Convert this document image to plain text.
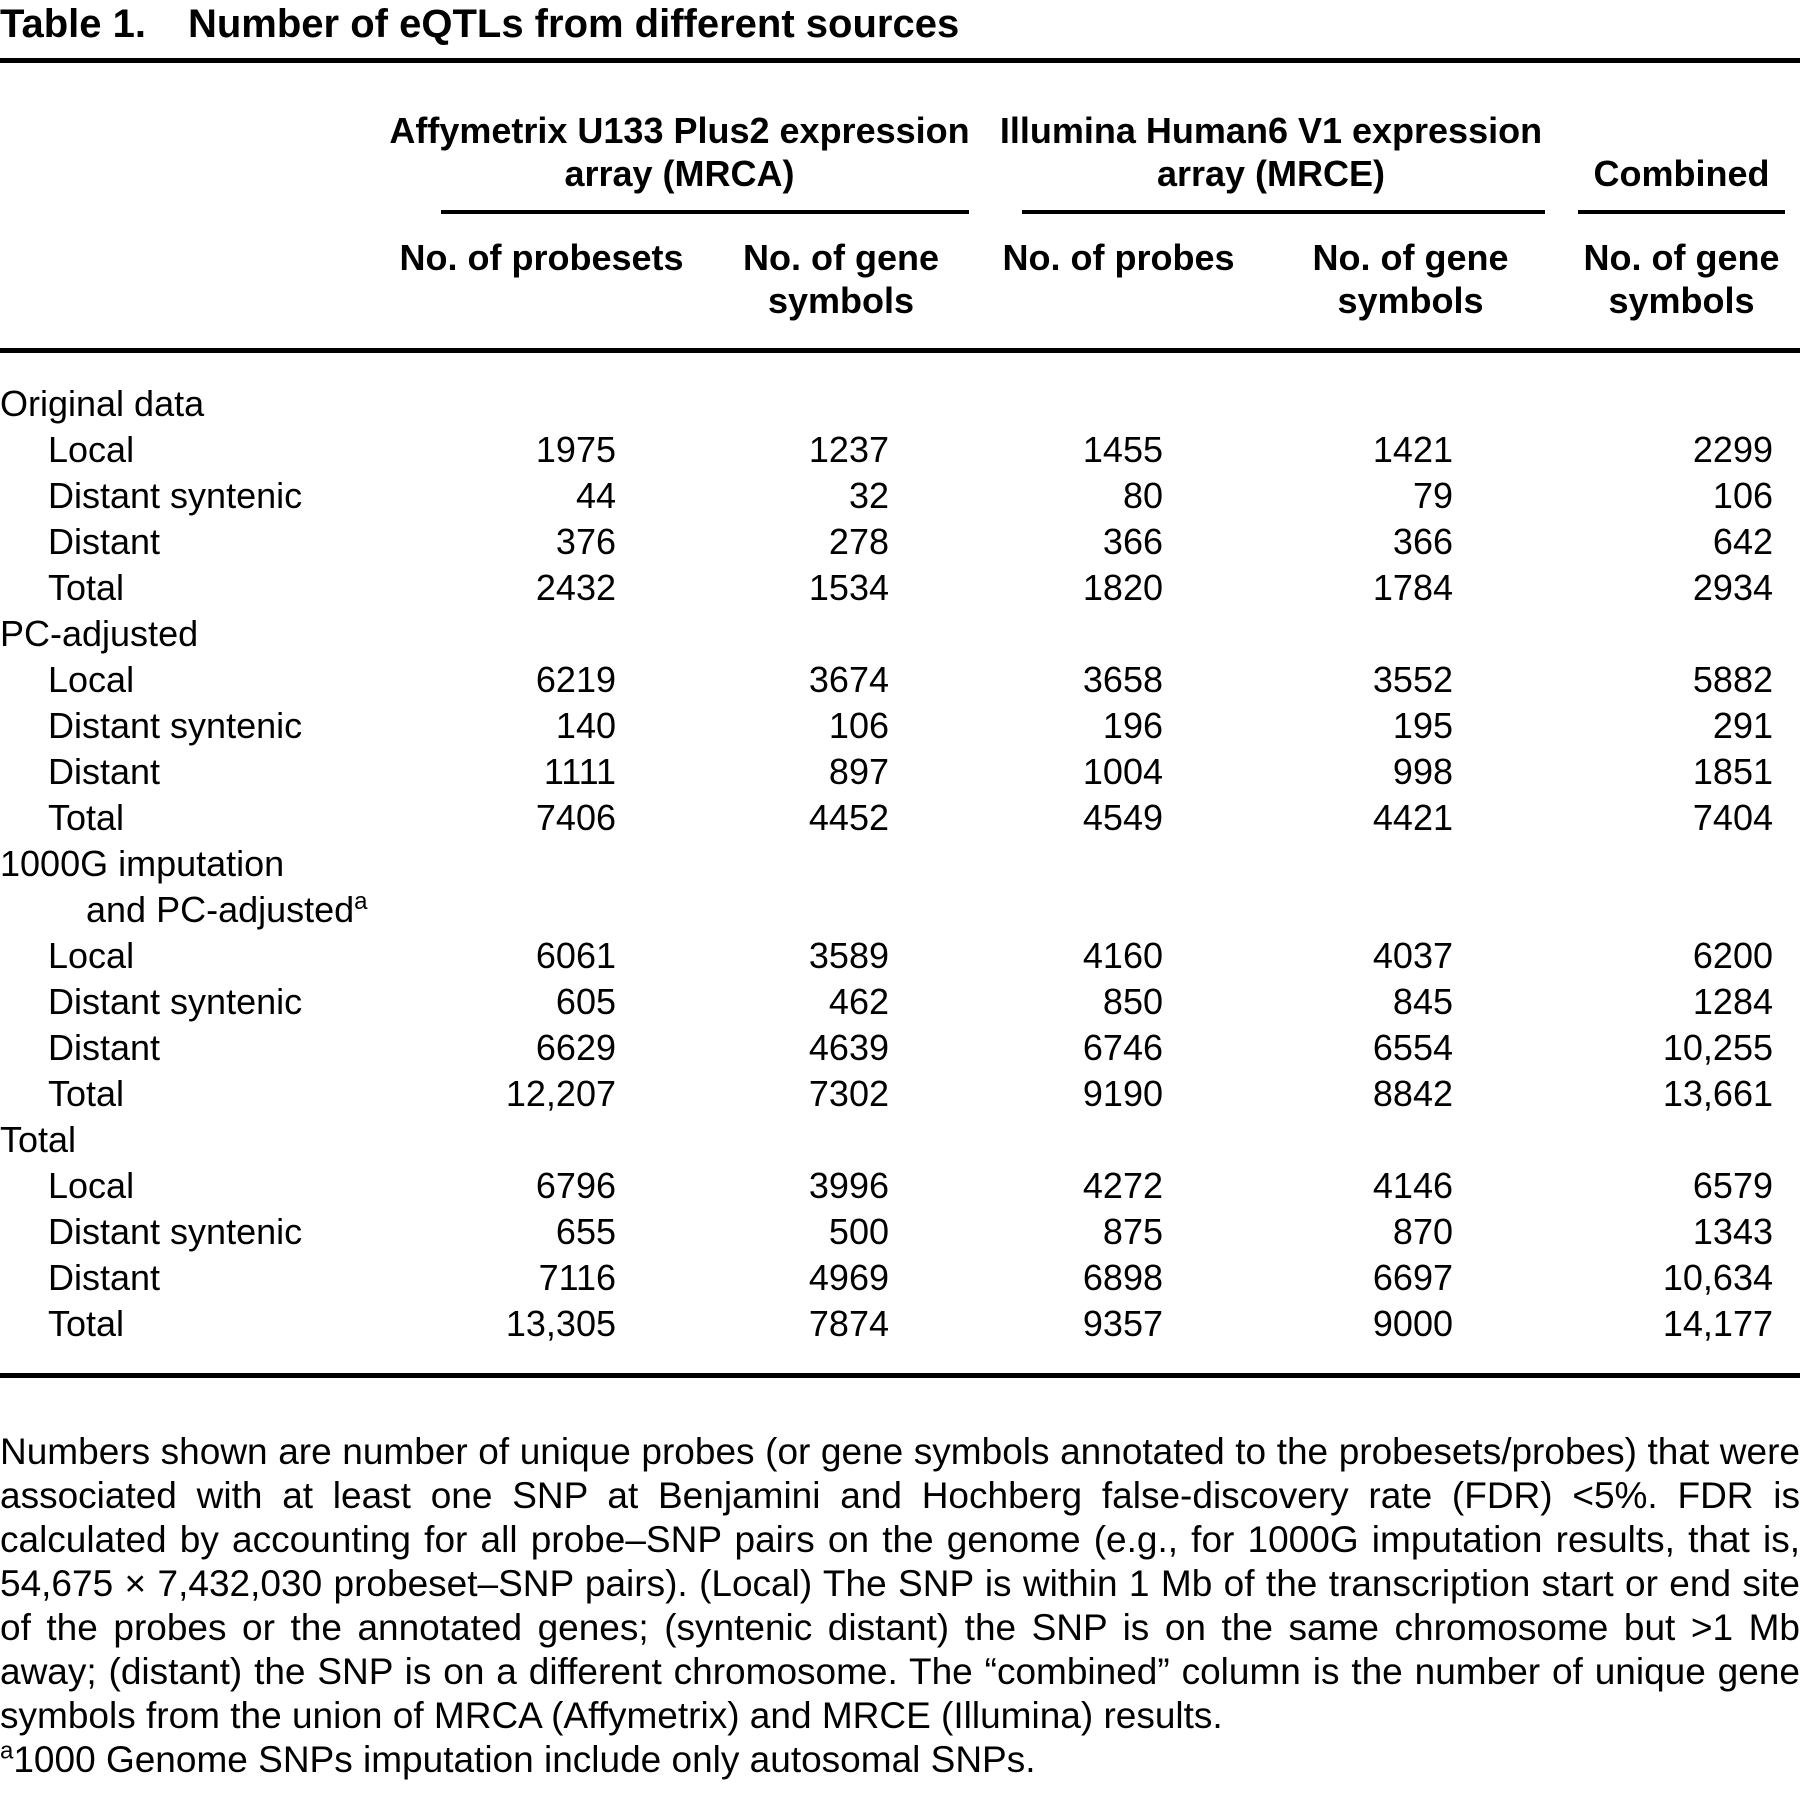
Table 1. Number of eQTLs from different sources

	Affymetrix U133 Plus2 expression array (MRCA)		Illumina Human6 V1 expression array (MRCE)		Combined

	No. of probesets	No. of gene symbols	No. of probes	No. of gene symbols	No. of gene symbols
Original data					
Local	1975	1237	1455	1421	2299
Distant syntenic	44	32	80	79	106
Distant	376	278	366	366	642
Total	2432	1534	1820	1784	2934
PC-adjusted					
Local	6219	3674	3658	3552	5882
Distant syntenic	140	106	196	195	291
Distant	1111	897	1004	998	1851
Total	7406	4452	4549	4421	7404

1000G imputation
and PC-adjusted$^a$

Local	6061	3589	4160	4037	6200
Distant syntenic	605	462	850	845	1284
Distant	6629	4639	6746	6554	10,255
Total	12,207	7302	9190	8842	13,661
Total					
Local	6796	3996	4272	4146	6579
Distant syntenic	655	500	875	870	1343
Distant	7116	4969	6898	6697	10,634
Total	13,305	7874	9357	9000	14,177
Numbers shown are number of unique probes (or gene symbols annotated to the probesets/probes) that were associated with at least one SNP at Benjamini and Hochberg false-discovery rate (FDR) <5%. FDR is calculated by accounting for all probe–SNP pairs on the genome (e.g., for 1000G imputation results, that is, 54,675 × 7,432,030 probeset–SNP pairs). (Local) The SNP is within 1 Mb of the transcription start or end site of the probes or the annotated genes; (syntenic distant) the SNP is on the same chromosome but >1 Mb away; (distant) the SNP is on a different chromosome. The “combined” column is the number of unique gene symbols from the union of MRCA (Affymetrix) and MRCE (Illumina) results.
$^a$1000 Genome SNPs imputation include only autosomal SNPs.
